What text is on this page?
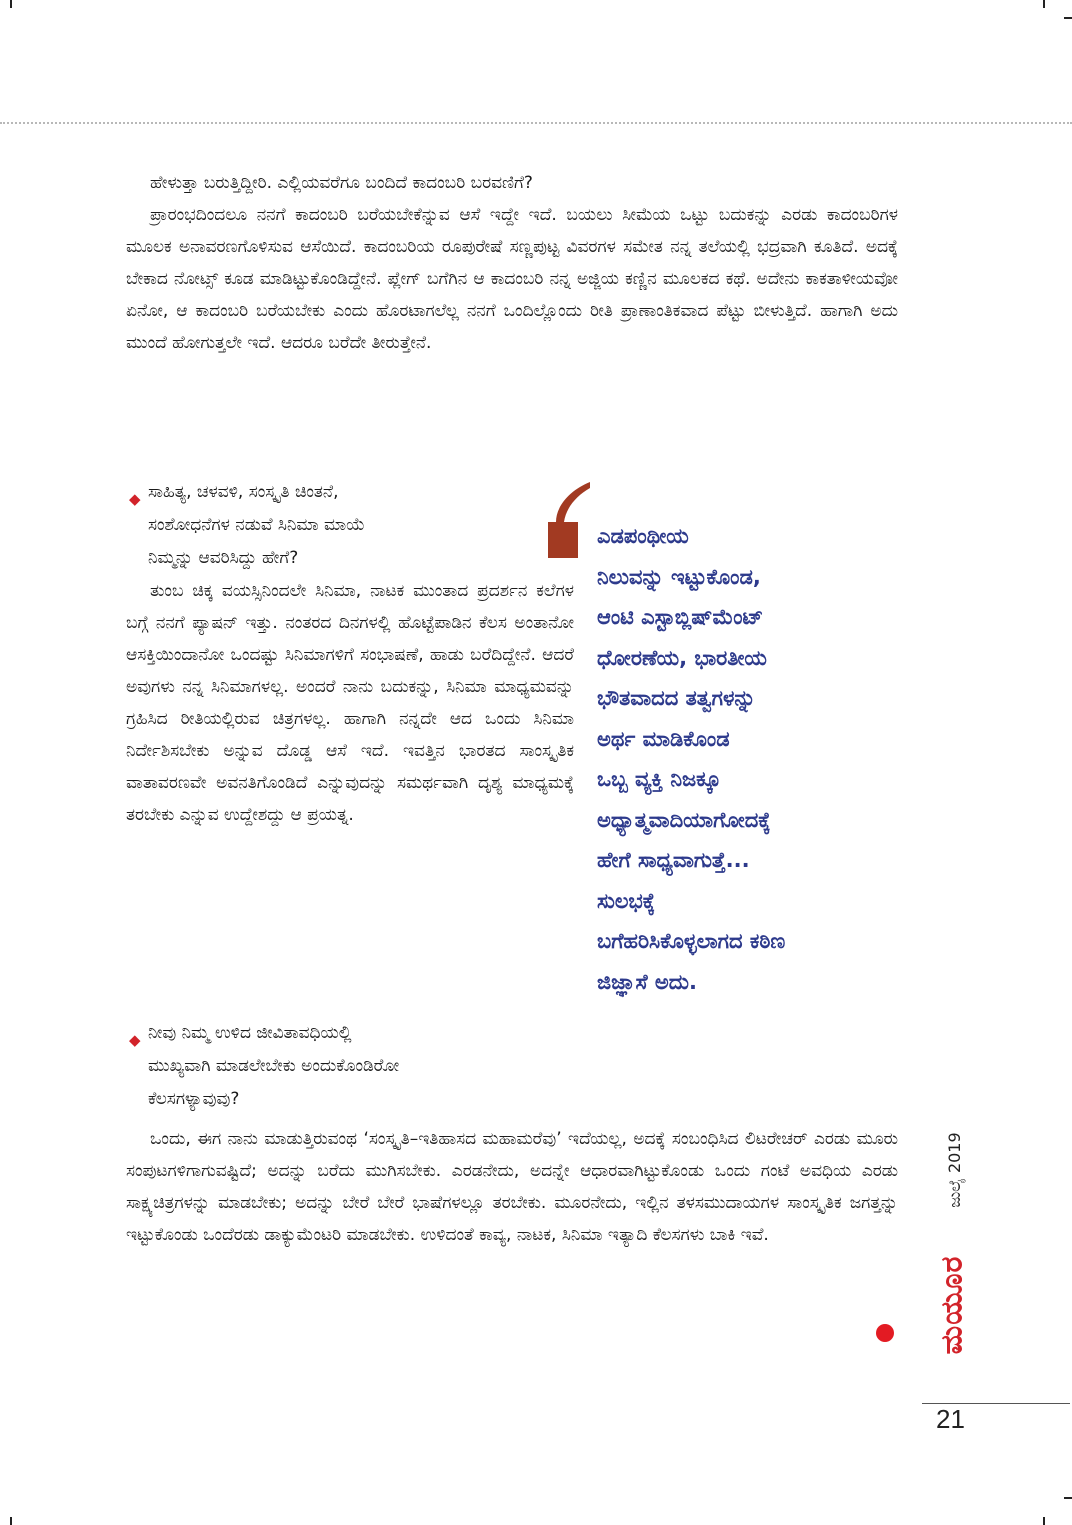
ಹೇಳುತ್ತಾ ಬರುತ್ತಿದ್ದೀರಿ. ಎಲ್ಲಿಯವರೆಗೂ ಬಂದಿದೆ ಕಾದಂಬರಿ ಬರವಣಿಗೆ?

ಪ್ರಾರಂಭದಿಂದಲೂ ನನಗೆ ಕಾದಂಬರಿ ಬರೆಯಬೇಕೆನ್ನುವ ಆಸೆ ಇದ್ದೇ ಇದೆ. ಬಯಲು ಸೀಮೆಯ ಒಟ್ಟು ಬದುಕನ್ನು ಎರಡು ಕಾದಂಬರಿಗಳ ಮೂಲಕ ಅನಾವರಣಗೊಳಿಸುವ ಆಸೆಯಿದೆ. ಕಾದಂಬರಿಯ ರೂಪುರೇಷೆ ಸಣ್ಣಪುಟ್ಟ ವಿವರಗಳ ಸಮೇತ ನನ್ನ ತಲೆಯಲ್ಲಿ ಭದ್ರವಾಗಿ ಕೂತಿದೆ. ಅದಕ್ಕೆ ಬೇಕಾದ ನೋಟ್ಸ್ ಕೂಡ ಮಾಡಿಟ್ಟುಕೊಂಡಿದ್ದೇನೆ. ಪ್ಲೇಗ್ ಬಗೆಗಿನ ಆ ಕಾದಂಬರಿ ನನ್ನ ಅಜ್ಜಿಯ ಕಣ್ಣಿನ ಮೂಲಕದ ಕಥೆ. ಅದೇನು ಕಾಕತಾಳೀಯವೋ ಏನೋ, ಆ ಕಾದಂಬರಿ ಬರೆಯಬೇಕು ಎಂದು ಹೊರಟಾಗಲೆಲ್ಲ ನನಗೆ ಒಂದಿಲ್ಲೊಂದು ರೀತಿ ಪ್ರಾಣಾಂತಿಕವಾದ ಪೆಟ್ಟು ಬೀಳುತ್ತಿದೆ. ಹಾಗಾಗಿ ಅದು ಮುಂದೆ ಹೋಗುತ್ತಲೇ ಇದೆ. ಆದರೂ ಬರೆದೇ ತೀರುತ್ತೇನೆ.

◆ ಸಾಹಿತ್ಯ, ಚಳವಳಿ, ಸಂಸ್ಕೃತಿ ಚಿಂತನೆ,
ಸಂಶೋಧನೆಗಳ ನಡುವೆ ಸಿನಿಮಾ ಮಾಯೆ
ನಿಮ್ಮನ್ನು ಆವರಿಸಿದ್ದು ಹೇಗೆ?

ತುಂಬ ಚಿಕ್ಕ ವಯಸ್ಸಿನಿಂದಲೇ ಸಿನಿಮಾ, ನಾಟಕ ಮುಂತಾದ ಪ್ರದರ್ಶನ ಕಲೆಗಳ ಬಗ್ಗೆ ನನಗೆ ಪ್ಯಾಷನ್ ಇತ್ತು. ನಂತರದ ದಿನಗಳಲ್ಲಿ ಹೊಟ್ಟೆಪಾಡಿನ ಕೆಲಸ ಅಂತಾನೋ ಆಸಕ್ತಿಯಿಂದಾನೋ ಒಂದಷ್ಟು ಸಿನಿಮಾಗಳಿಗೆ ಸಂಭಾಷಣೆ, ಹಾಡು ಬರೆದಿದ್ದೇನೆ. ಆದರೆ ಅವುಗಳು ನನ್ನ ಸಿನಿಮಾಗಳಲ್ಲ. ಅಂದರೆ ನಾನು ಬದುಕನ್ನು, ಸಿನಿಮಾ ಮಾಧ್ಯಮವನ್ನು ಗ್ರಹಿಸಿದ ರೀತಿಯಲ್ಲಿರುವ ಚಿತ್ರಗಳಲ್ಲ. ಹಾಗಾಗಿ ನನ್ನದೇ ಆದ ಒಂದು ಸಿನಿಮಾ ನಿರ್ದೇಶಿಸಬೇಕು ಅನ್ನುವ ದೊಡ್ಡ ಆಸೆ ಇದೆ. ಇವತ್ತಿನ ಭಾರತದ ಸಾಂಸ್ಕೃತಿಕ ವಾತಾವರಣವೇ ಅವನತಿಗೊಂಡಿದೆ ಎನ್ನುವುದನ್ನು ಸಮರ್ಥವಾಗಿ ದೃಶ್ಯ ಮಾಧ್ಯಮಕ್ಕೆ ತರಬೇಕು ಎನ್ನುವ ಉದ್ದೇಶದ್ದು ಆ ಪ್ರಯತ್ನ.

ಎಡಪಂಥೀಯ
ನಿಲುವನ್ನು ಇಟ್ಟುಕೊಂಡ,
ಆಂಟಿ ಎಸ್ಟಾಬ್ಲಿಷ್‌ಮೆಂಟ್
ಧೋರಣೆಯ, ಭಾರತೀಯ
ಭೌತವಾದದ ತತ್ವಗಳನ್ನು
ಅರ್ಥ ಮಾಡಿಕೊಂಡ
ಒಬ್ಬ ವ್ಯಕ್ತಿ ನಿಜಕ್ಕೂ
ಅಧ್ಯಾತ್ಮವಾದಿಯಾಗೋದಕ್ಕೆ
ಹೇಗೆ ಸಾಧ್ಯವಾಗುತ್ತೆ...
ಸುಲಭಕ್ಕೆ
ಬಗೆಹರಿಸಿಕೊಳ್ಳಲಾಗದ ಕಠಿಣ
ಜಿಜ್ಞಾಸೆ ಅದು.
◆ ನೀವು ನಿಮ್ಮ ಉಳಿದ ಜೀವಿತಾವಧಿಯಲ್ಲಿ
ಮುಖ್ಯವಾಗಿ ಮಾಡಲೇಬೇಕು ಅಂದುಕೊಂಡಿರೋ
ಕೆಲಸಗಳ್ಯಾವುವು?

ಒಂದು, ಈಗ ನಾನು ಮಾಡುತ್ತಿರುವಂಥ ‘ಸಂಸ್ಕೃತಿ–ಇತಿಹಾಸದ ಮಹಾಮರೆವು’ ಇದೆಯಲ್ಲ, ಅದಕ್ಕೆ ಸಂಬಂಧಿಸಿದ ಲಿಟರೇಚರ್ ಎರಡು ಮೂರು ಸಂಪುಟಗಳಿಗಾಗುವಷ್ಟಿದೆ; ಅದನ್ನು ಬರೆದು ಮುಗಿಸಬೇಕು. ಎರಡನೇದು, ಅದನ್ನೇ ಆಧಾರವಾಗಿಟ್ಟುಕೊಂಡು ಒಂದು ಗಂಟೆ ಅವಧಿಯ ಎರಡು ಸಾಕ್ಷ್ಯಚಿತ್ರಗಳನ್ನು ಮಾಡಬೇಕು; ಅದನ್ನು ಬೇರೆ ಬೇರೆ ಭಾಷೆಗಳಲ್ಲೂ ತರಬೇಕು. ಮೂರನೇದು, ಇಲ್ಲಿನ ತಳಸಮುದಾಯಗಳ ಸಾಂಸ್ಕೃತಿಕ ಜಗತ್ತನ್ನು ಇಟ್ಟುಕೊಂಡು ಒಂದೆರಡು ಡಾಕ್ಯುಮೆಂಟರಿ ಮಾಡಬೇಕು. ಉಳಿದಂತೆ ಕಾವ್ಯ, ನಾಟಕ, ಸಿನಿಮಾ ಇತ್ಯಾದಿ ಕೆಲಸಗಳು ಬಾಕಿ ಇವೆ.

ಜುಲೈ 2019
ಮಯೂರ
21
